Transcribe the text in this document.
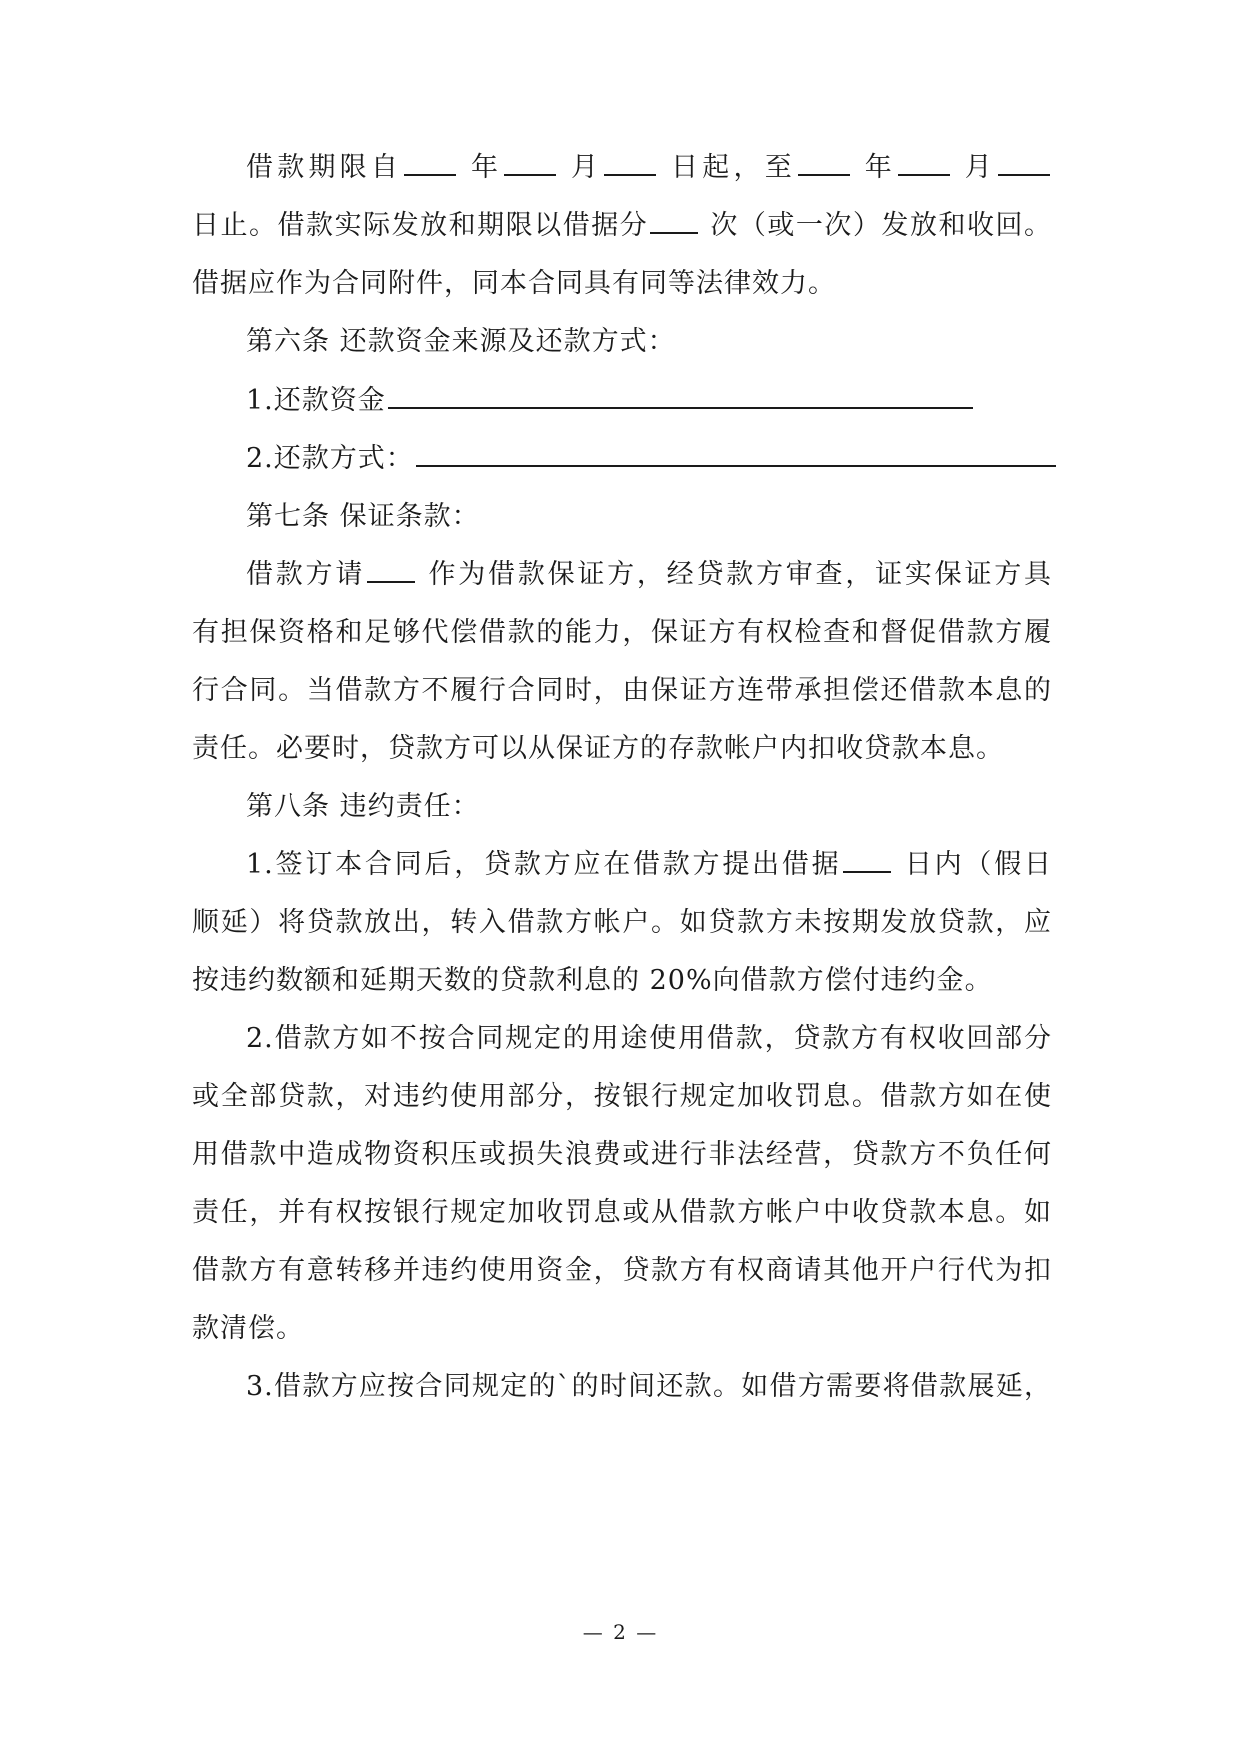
借款期限自	年	月	日起，至	年	月
日止。借款实际发放和期限以借据分 次（或一次）发放和收回。
借据应作为合同附件，同本合同具有同等法律效力。
第六条 还款资金来源及还款方式：
1.还款资金
2.还款方式：
第七条 保证条款：
借款方请 作为借款保证方，经贷款方审查，证实保证方具
有担保资格和足够代偿借款的能力，保证方有权检查和督促借款方履
行合同。当借款方不履行合同时，由保证方连带承担偿还借款本息的
责任。必要时，贷款方可以从保证方的存款帐户内扣收贷款本息。
第八条 违约责任：
1.签订本合同后，贷款方应在借款方提出借据 日内（假日
顺延）将贷款放出，转入借款方帐户。如贷款方未按期发放贷款，应
按违约数额和延期天数的贷款利息的 20%向借款方偿付违约金。
2.借款方如不按合同规定的用途使用借款，贷款方有权收回部分
或全部贷款，对违约使用部分，按银行规定加收罚息。借款方如在使
用借款中造成物资积压或损失浪费或进行非法经营，贷款方不负任何
责任，并有权按银行规定加收罚息或从借款方帐户中收贷款本息。如
借款方有意转移并违约使用资金，贷款方有权商请其他开户行代为扣
款清偿。
3.借款方应按合同规定的`的时间还款。如借方需要将借款展延，
— 2 —
